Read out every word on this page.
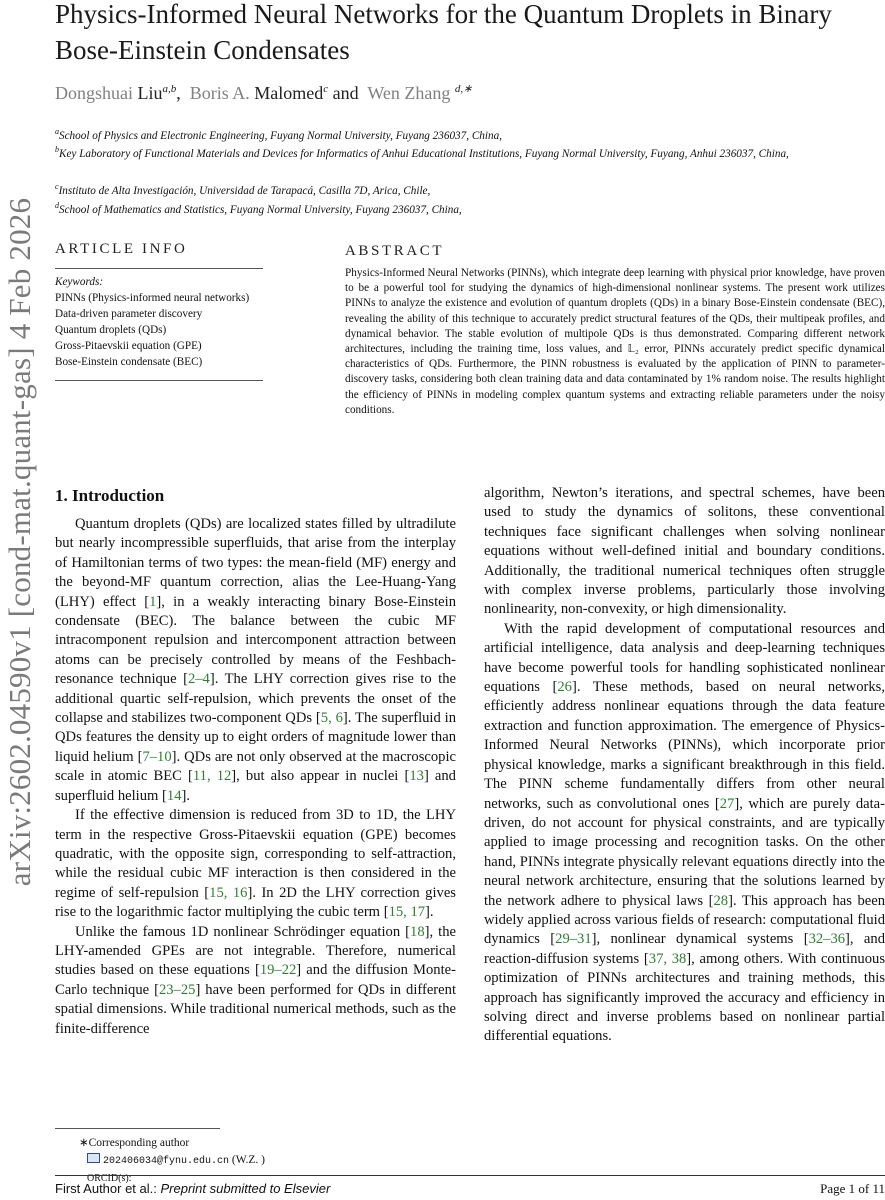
arXiv:2602.04590v1 [cond-mat.quant-gas] 4 Feb 2026
Physics-Informed Neural Networks for the Quantum Droplets in Binary Bose-Einstein Condensates
Dongshuai Liu$^{a,b}$,  Boris A. Malomed$^c$ and Wen Zhang $^{d,∗}$
$^a$School of Physics and Electronic Engineering, Fuyang Normal University, Fuyang 236037, China,
$^b$Key Laboratory of Functional Materials and Devices for Informatics of Anhui Educational Institutions, Fuyang Normal University, Fuyang, Anhui 236037, China,
$^c$Instituto de Alta Investigación, Universidad de Tarapacá, Casilla 7D, Arica, Chile,
$^d$School of Mathematics and Statistics, Fuyang Normal University, Fuyang 236037, China,
ARTICLE INFO
Keywords:
PINNs (Physics-informed neural networks)
Data-driven parameter discovery
Quantum droplets (QDs)
Gross-Pitaevskii equation (GPE)
Bose-Einstein condensate (BEC)
ABSTRACT
Physics-Informed Neural Networks (PINNs), which integrate deep learning with physical prior knowledge, have proven to be a powerful tool for studying the dynamics of high-dimensional nonlinear systems. The present work utilizes PINNs to analyze the existence and evolution of quantum droplets (QDs) in a binary Bose-Einstein condensate (BEC), revealing the ability of this technique to accurately predict structural features of the QDs, their multipeak profiles, and dynamical behavior. The stable evolution of multipole QDs is thus demonstrated. Comparing different network architectures, including the training time, loss values, and 𝕃₂ error, PINNs accurately predict specific dynamical characteristics of QDs. Furthermore, the PINN robustness is evaluated by the application of PINN to parameter-discovery tasks, considering both clean training data and data contaminated by 1% random noise. The results highlight the efficiency of PINNs in modeling complex quantum systems and extracting reliable parameters under the noisy conditions.
1. Introduction

Quantum droplets (QDs) are localized states filled by ultradilute but nearly incompressible superfluids, that arise from the interplay of Hamiltonian terms of two types: the mean-field (MF) energy and the beyond-MF quantum correction, alias the Lee-Huang-Yang (LHY) effect [1], in a weakly interacting binary Bose-Einstein condensate (BEC). The balance between the cubic MF intracomponent repulsion and intercomponent attraction between atoms can be precisely controlled by means of the Feshbach-resonance technique [2–4]. The LHY correction gives rise to the additional quartic self-repulsion, which prevents the onset of the collapse and stabilizes two-component QDs [5, 6]. The superfluid in QDs features the density up to eight orders of magnitude lower than liquid helium [7–10]. QDs are not only observed at the macroscopic scale in atomic BEC [11, 12], but also appear in nuclei [13] and superfluid helium [14].

If the effective dimension is reduced from 3D to 1D, the LHY term in the respective Gross-Pitaevskii equation (GPE) becomes quadratic, with the opposite sign, corresponding to self-attraction, while the residual cubic MF interaction is then considered in the regime of self-repulsion [15, 16]. In 2D the LHY correction gives rise to the logarithmic factor multiplying the cubic term [15, 17].

Unlike the famous 1D nonlinear Schrödinger equation [18], the LHY-amended GPEs are not integrable. Therefore, numerical studies based on these equations [19–22] and the diffusion Monte-Carlo technique [23–25] have been performed for QDs in different spatial dimensions. While traditional numerical methods, such as the finite-difference

algorithm, Newton’s iterations, and spectral schemes, have been used to study the dynamics of solitons, these conventional techniques face significant challenges when solving nonlinear equations without well-defined initial and boundary conditions. Additionally, the traditional numerical techniques often struggle with complex inverse problems, particularly those involving nonlinearity, non-convexity, or high dimensionality.

With the rapid development of computational resources and artificial intelligence, data analysis and deep-learning techniques have become powerful tools for handling sophisticated nonlinear equations [26]. These methods, based on neural networks, efficiently address nonlinear equations through the data feature extraction and function approximation. The emergence of Physics-Informed Neural Networks (PINNs), which incorporate prior physical knowledge, marks a significant breakthrough in this field. The PINN scheme fundamentally differs from other neural networks, such as convolutional ones [27], which are purely data-driven, do not account for physical constraints, and are typically applied to image processing and recognition tasks. On the other hand, PINNs integrate physically relevant equations directly into the neural network architecture, ensuring that the solutions learned by the network adhere to physical laws [28]. This approach has been widely applied across various fields of research: computational fluid dynamics [29–31], nonlinear dynamical systems [32–36], and reaction-diffusion systems [37, 38], among others. With continuous optimization of PINNs architectures and training methods, this approach has significantly improved the accuracy and efficiency in solving direct and inverse problems based on nonlinear partial differential equations.

∗Corresponding author
202406034@fynu.edu.cn (W.Z. )
ORCID(s):
First Author et al.: Preprint submitted to Elsevier	Page 1 of 11
